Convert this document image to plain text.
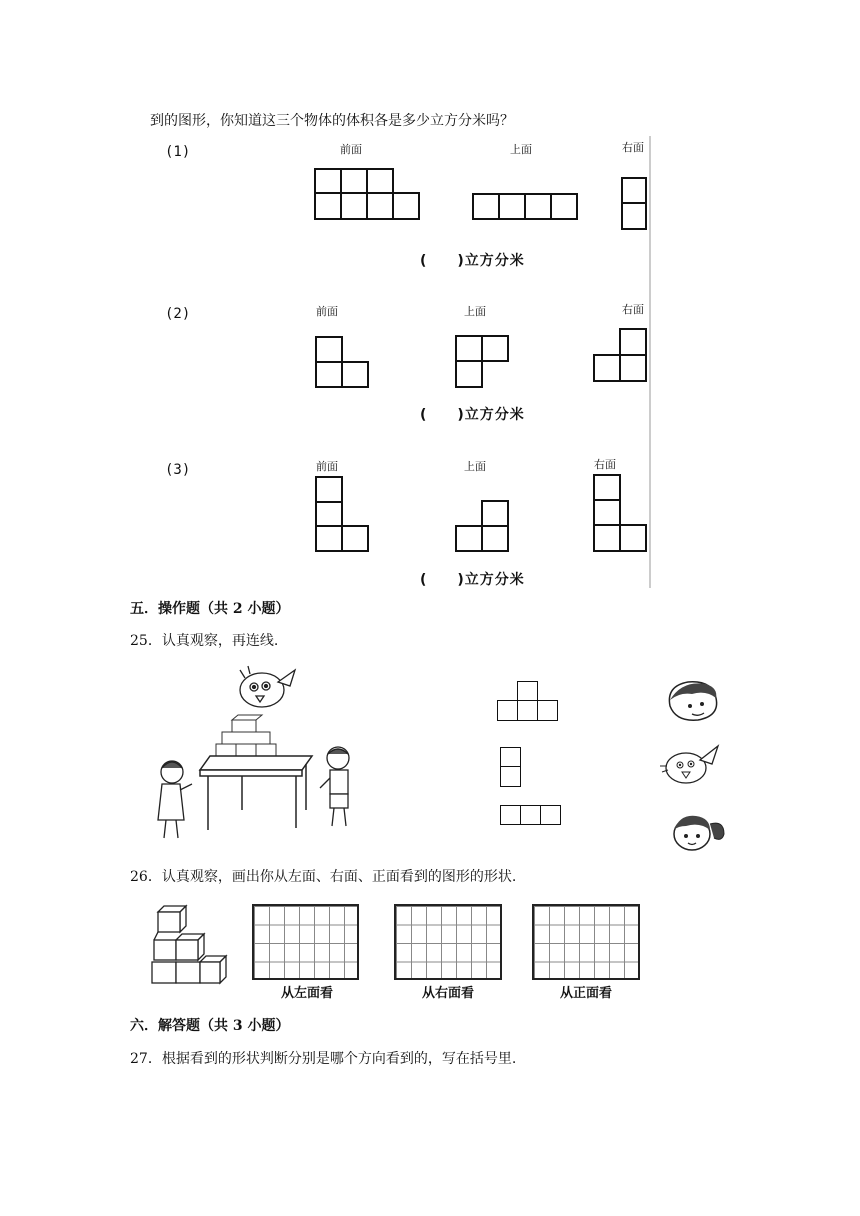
到的图形，你知道这三个物体的体积各是多少立方分米吗？
(1)	前面	上面	右面
(　　)立方分米
(2)	前面	上面	右面
(　　)立方分米
(3)	前面	上面	右面
(　　)立方分米
五．操作题（共 2 小题）
25．认真观察，再连线.
26．认真观察，画出你从左面、右面、正面看到的图形的形状.
从左面看	从右面看	从正面看
六．解答题（共 3 小题）
27．根据看到的形状判断分别是哪个方向看到的，写在括号里.
